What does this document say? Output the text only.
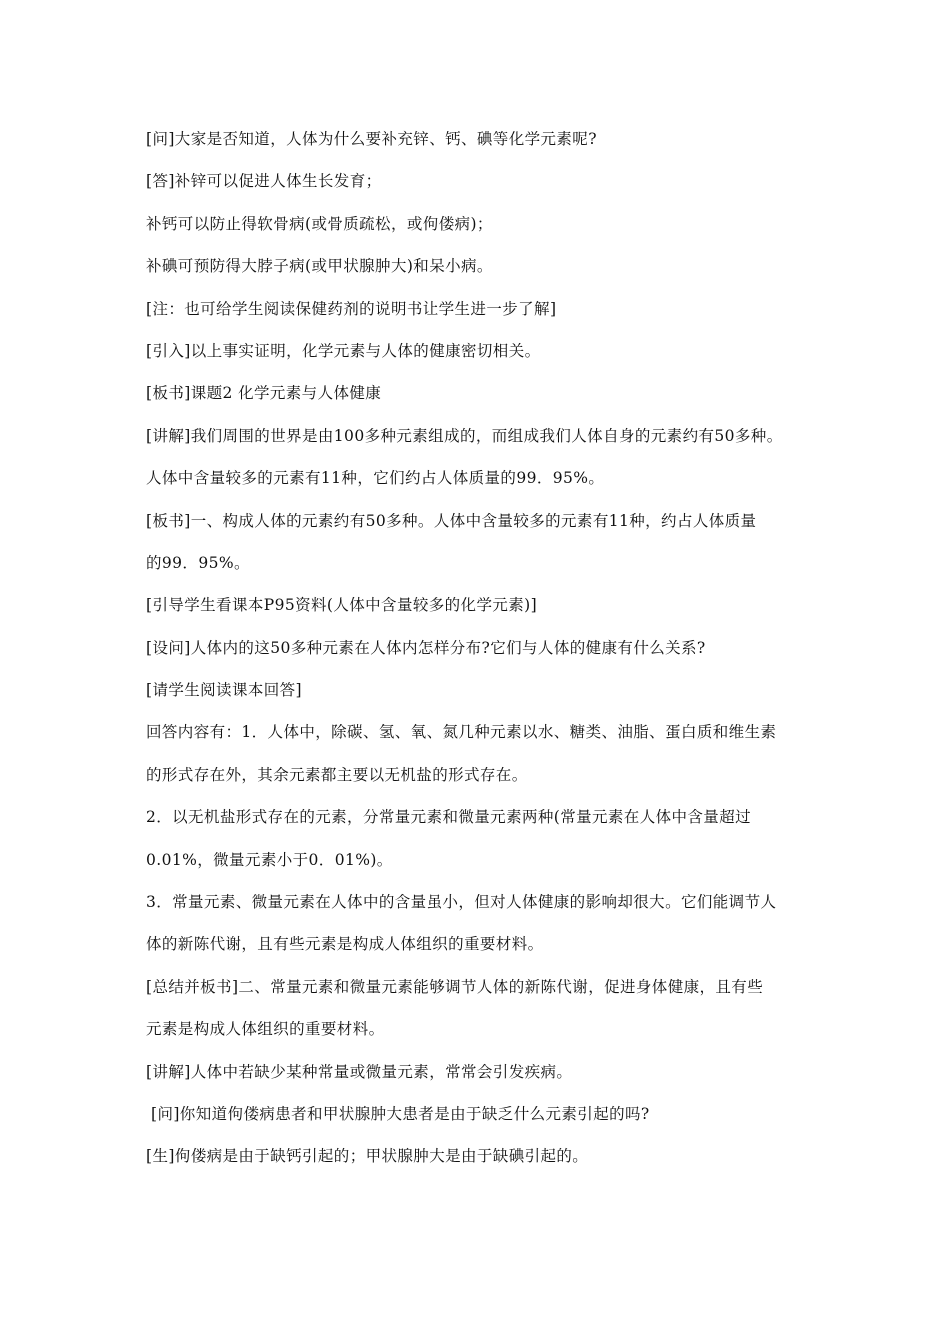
[问]大家是否知道，人体为什么要补充锌、钙、碘等化学元素呢?
[答]补锌可以促进人体生长发育；
补钙可以防止得软骨病(或骨质疏松，或佝偻病)；
补碘可预防得大脖子病(或甲状腺肿大)和呆小病。
[注：也可给学生阅读保健药剂的说明书让学生进一步了解]
[引入]以上事实证明，化学元素与人体的健康密切相关。
[板书]课题2 化学元素与人体健康
[讲解]我们周围的世界是由100多种元素组成的，而组成我们人体自身的元素约有50多种。
人体中含量较多的元素有11种，它们约占人体质量的99．95%。
[板书]一、构成人体的元素约有50多种。人体中含量较多的元素有11种，约占人体质量
的99．95%。
[引导学生看课本P95资料(人体中含量较多的化学元素)]
[设问]人体内的这50多种元素在人体内怎样分布?它们与人体的健康有什么关系?
[请学生阅读课本回答]
回答内容有：1．人体中，除碳、氢、氧、氮几种元素以水、糖类、油脂、蛋白质和维生素
的形式存在外，其余元素都主要以无机盐的形式存在。
2．以无机盐形式存在的元素，分常量元素和微量元素两种(常量元素在人体中含量超过
0.01%，微量元素小于0．01%)。
3．常量元素、微量元素在人体中的含量虽小，但对人体健康的影响却很大。它们能调节人
体的新陈代谢，且有些元素是构成人体组织的重要材料。
[总结并板书]二、常量元素和微量元素能够调节人体的新陈代谢，促进身体健康，且有些
元素是构成人体组织的重要材料。
[讲解]人体中若缺少某种常量或微量元素，常常会引发疾病。
[问]你知道佝偻病患者和甲状腺肿大患者是由于缺乏什么元素引起的吗?
[生]佝偻病是由于缺钙引起的；甲状腺肿大是由于缺碘引起的。
